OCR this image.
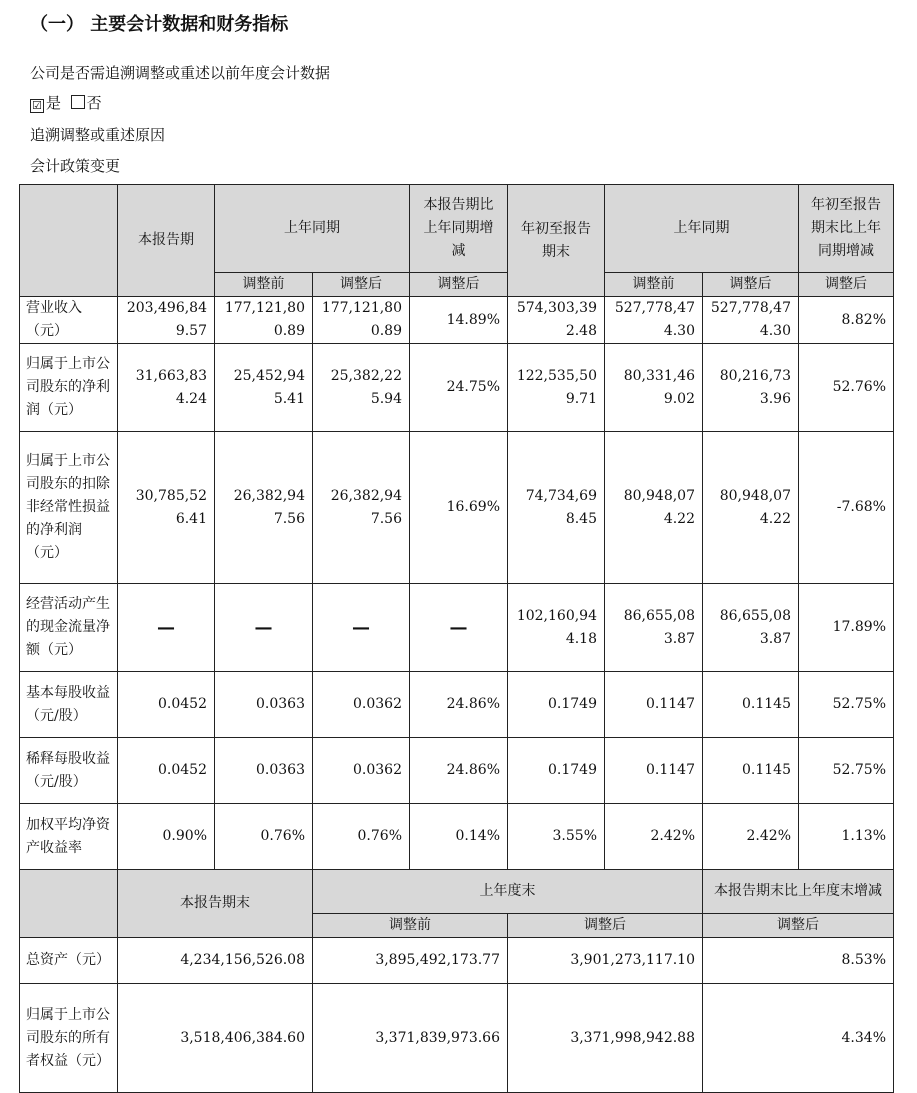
（一） 主要会计数据和财务指标
公司是否需追溯调整或重述以前年度会计数据
☑ 是 否
追溯调整或重述原因
会计政策变更
	本报告期	上年同期		本报告期比上年同期增减	年初至报告期末	上年同期		年初至报告期末比上年同期增减
		调整前	调整后	调整后		调整前	调整后	调整后
营业收入（元）	203,496,849.57	177,121,800.89	177,121,800.89	14.89%	574,303,392.48	527,778,474.30	527,778,474.30	8.82%
归属于上市公司股东的净利润（元）	31,663,834.24	25,452,945.41	25,382,225.94	24.75%	122,535,509.71	80,331,469.02	80,216,733.96	52.76%
归属于上市公司股东的扣除非经常性损益的净利润（元）	30,785,526.41	26,382,947.56	26,382,947.56	16.69%	74,734,698.45	80,948,074.22	80,948,074.22	-7.68%
经营活动产生的现金流量净额（元）	—	—	—	—	102,160,944.18	86,655,083.87	86,655,083.87	17.89%
基本每股收益（元/股）	0.0452	0.0363	0.0362	24.86%	0.1749	0.1147	0.1145	52.75%
稀释每股收益（元/股）	0.0452	0.0363	0.0362	24.86%	0.1749	0.1147	0.1145	52.75%
加权平均净资产收益率	0.90%	0.76%	0.76%	0.14%	3.55%	2.42%	2.42%	1.13%
	本报告期末		上年度末				本报告期末比上年度末增减	
			调整前		调整后		调整后	
总资产（元）	4,234,156,526.08		3,895,492,173.77		3,901,273,117.10		8.53%	
归属于上市公司股东的所有者权益（元）	3,518,406,384.60		3,371,839,973.66		3,371,998,942.88		4.34%	
